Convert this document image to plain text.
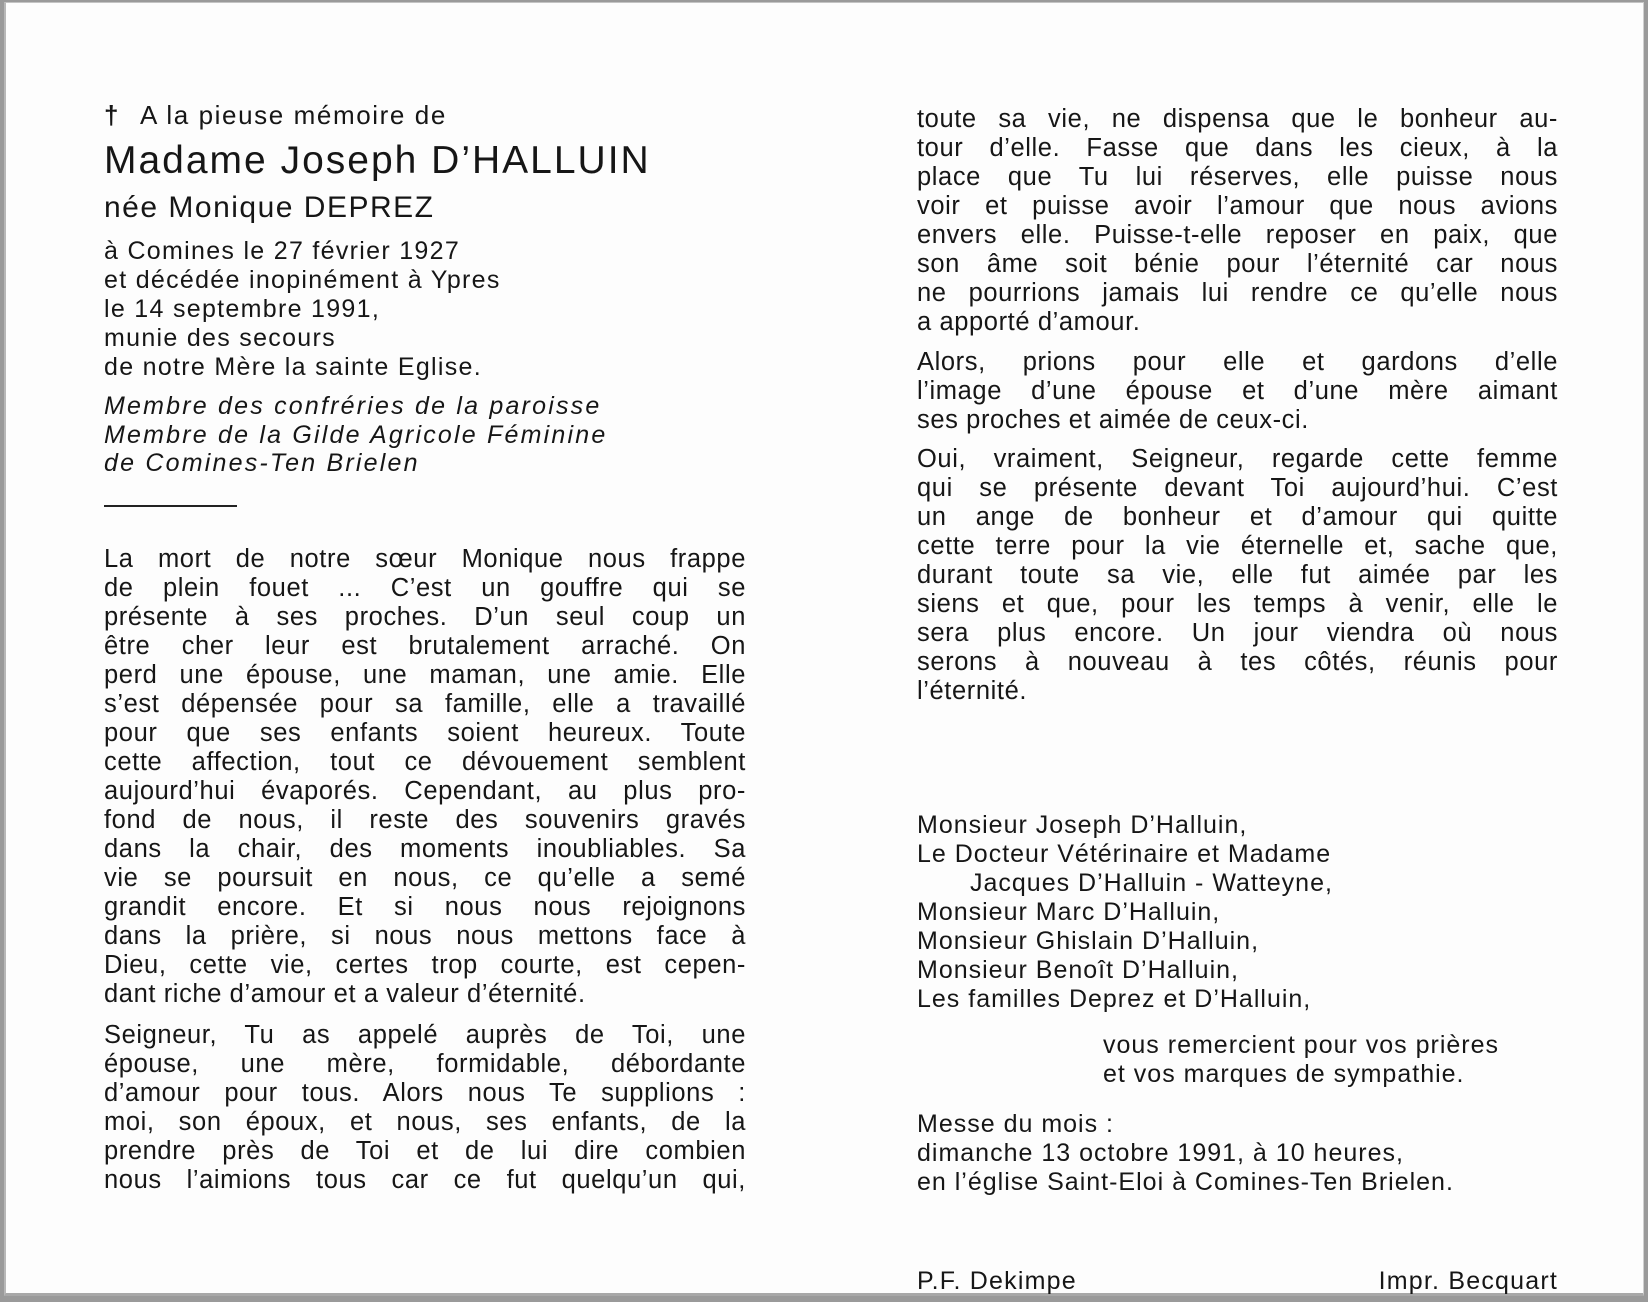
† A la pieuse mémoire de
Madame Joseph D’HALLUIN
née Monique DEPREZ
à Comines le 27 février 1927
et décédée inopinément à Ypres
le 14 septembre 1991,
munie des secours
de notre Mère la sainte Eglise.
Membre des confréries de la paroisse
Membre de la Gilde Agricole Féminine
de Comines-Ten Brielen
La mort de notre sœur Monique nous frappe
de plein fouet ... C’est un gouffre qui se
présente à ses proches. D’un seul coup un
être cher leur est brutalement arraché. On
perd une épouse, une maman, une amie. Elle
s’est dépensée pour sa famille, elle a travaillé
pour que ses enfants soient heureux. Toute
cette affection, tout ce dévouement semblent
aujourd’hui évaporés. Cependant, au plus pro-
fond de nous, il reste des souvenirs gravés
dans la chair, des moments inoubliables. Sa
vie se poursuit en nous, ce qu’elle a semé
grandit encore. Et si nous nous rejoignons
dans la prière, si nous nous mettons face à
Dieu, cette vie, certes trop courte, est cepen-
dant riche d’amour et a valeur d’éternité.
Seigneur, Tu as appelé auprès de Toi, une
épouse, une mère, formidable, débordante
d’amour pour tous. Alors nous Te supplions :
moi, son époux, et nous, ses enfants, de la
prendre près de Toi et de lui dire combien
nous l’aimions tous car ce fut quelqu’un qui,
toute sa vie, ne dispensa que le bonheur au-
tour d’elle. Fasse que dans les cieux, à la
place que Tu lui réserves, elle puisse nous
voir et puisse avoir l’amour que nous avions
envers elle. Puisse-t-elle reposer en paix, que
son âme soit bénie pour l’éternité car nous
ne pourrions jamais lui rendre ce qu’elle nous
a apporté d’amour.
Alors, prions pour elle et gardons d’elle
l’image d’une épouse et d’une mère aimant
ses proches et aimée de ceux-ci.
Oui, vraiment, Seigneur, regarde cette femme
qui se présente devant Toi aujourd’hui. C’est
un ange de bonheur et d’amour qui quitte
cette terre pour la vie éternelle et, sache que,
durant toute sa vie, elle fut aimée par les
siens et que, pour les temps à venir, elle le
sera plus encore. Un jour viendra où nous
serons à nouveau à tes côtés, réunis pour
l’éternité.
Monsieur Joseph D’Halluin,
Le Docteur Vétérinaire et Madame
Jacques D’Halluin - Watteyne,
Monsieur Marc D’Halluin,
Monsieur Ghislain D’Halluin,
Monsieur Benoît D’Halluin,
Les familles Deprez et D’Halluin,
vous remercient pour vos prières
et vos marques de sympathie.
Messe du mois :
dimanche 13 octobre 1991, à 10 heures,
en l’église Saint-Eloi à Comines-Ten Brielen.
P.F. Dekimpe	Impr. Becquart
